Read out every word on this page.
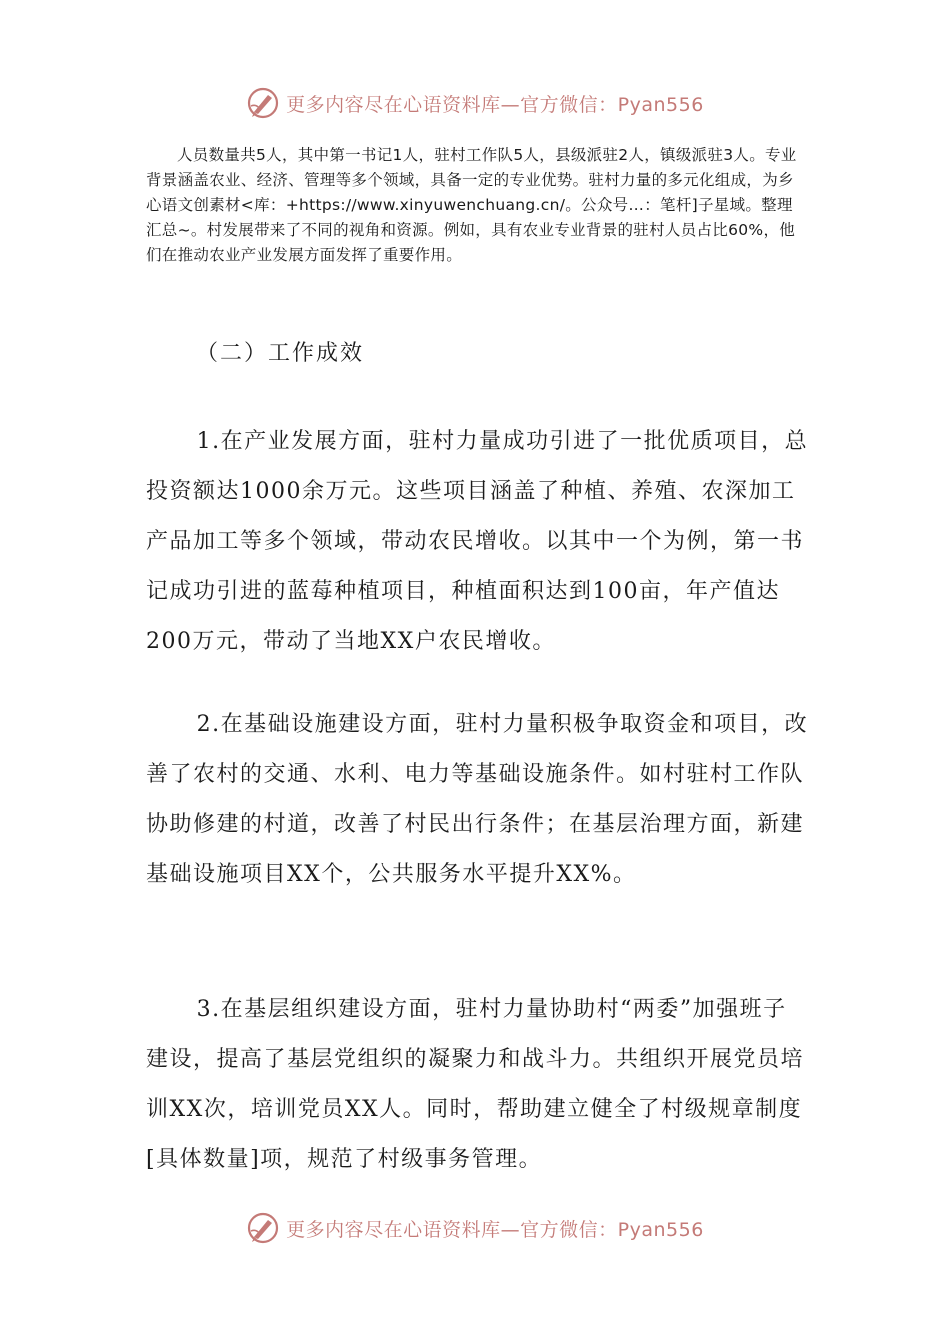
更多内容尽在心语资料库—官方微信：Pyan556

人员数量共5人，其中第一书记1人，驻村工作队5人，县级派驻2人，镇级派驻3人。专业背景涵盖农业、经济、管理等多个领域，具备一定的专业优势。驻村力量的多元化组成，为乡心语文创素材<库：+https://www.xinyuwenchuang.cn/。公众号…：笔杆]子星域。整理汇总~。村发展带来了不同的视角和资源。例如，具有农业专业背景的驻村人员占比60%，他们在推动农业产业发展方面发挥了重要作用。

（二）工作成效

1.在产业发展方面，驻村力量成功引进了一批优质项目，总投资额达1000余万元。这些项目涵盖了种植、养殖、农深加工产品加工等多个领域，带动农民增收。以其中一个为例，第一书记成功引进的蓝莓种植项目，种植面积达到100亩，年产值达200万元，带动了当地XX户农民增收。

2.在基础设施建设方面，驻村力量积极争取资金和项目，改善了农村的交通、水利、电力等基础设施条件。如村驻村工作队协助修建的村道，改善了村民出行条件；在基层治理方面，新建基础设施项目XX个，公共服务水平提升XX%。

3.在基层组织建设方面，驻村力量协助村“两委”加强班子建设，提高了基层党组织的凝聚力和战斗力。共组织开展党员培训XX次，培训党员XX人。同时，帮助建立健全了村级规章制度[具体数量]项，规范了村级事务管理。

更多内容尽在心语资料库—官方微信：Pyan556
